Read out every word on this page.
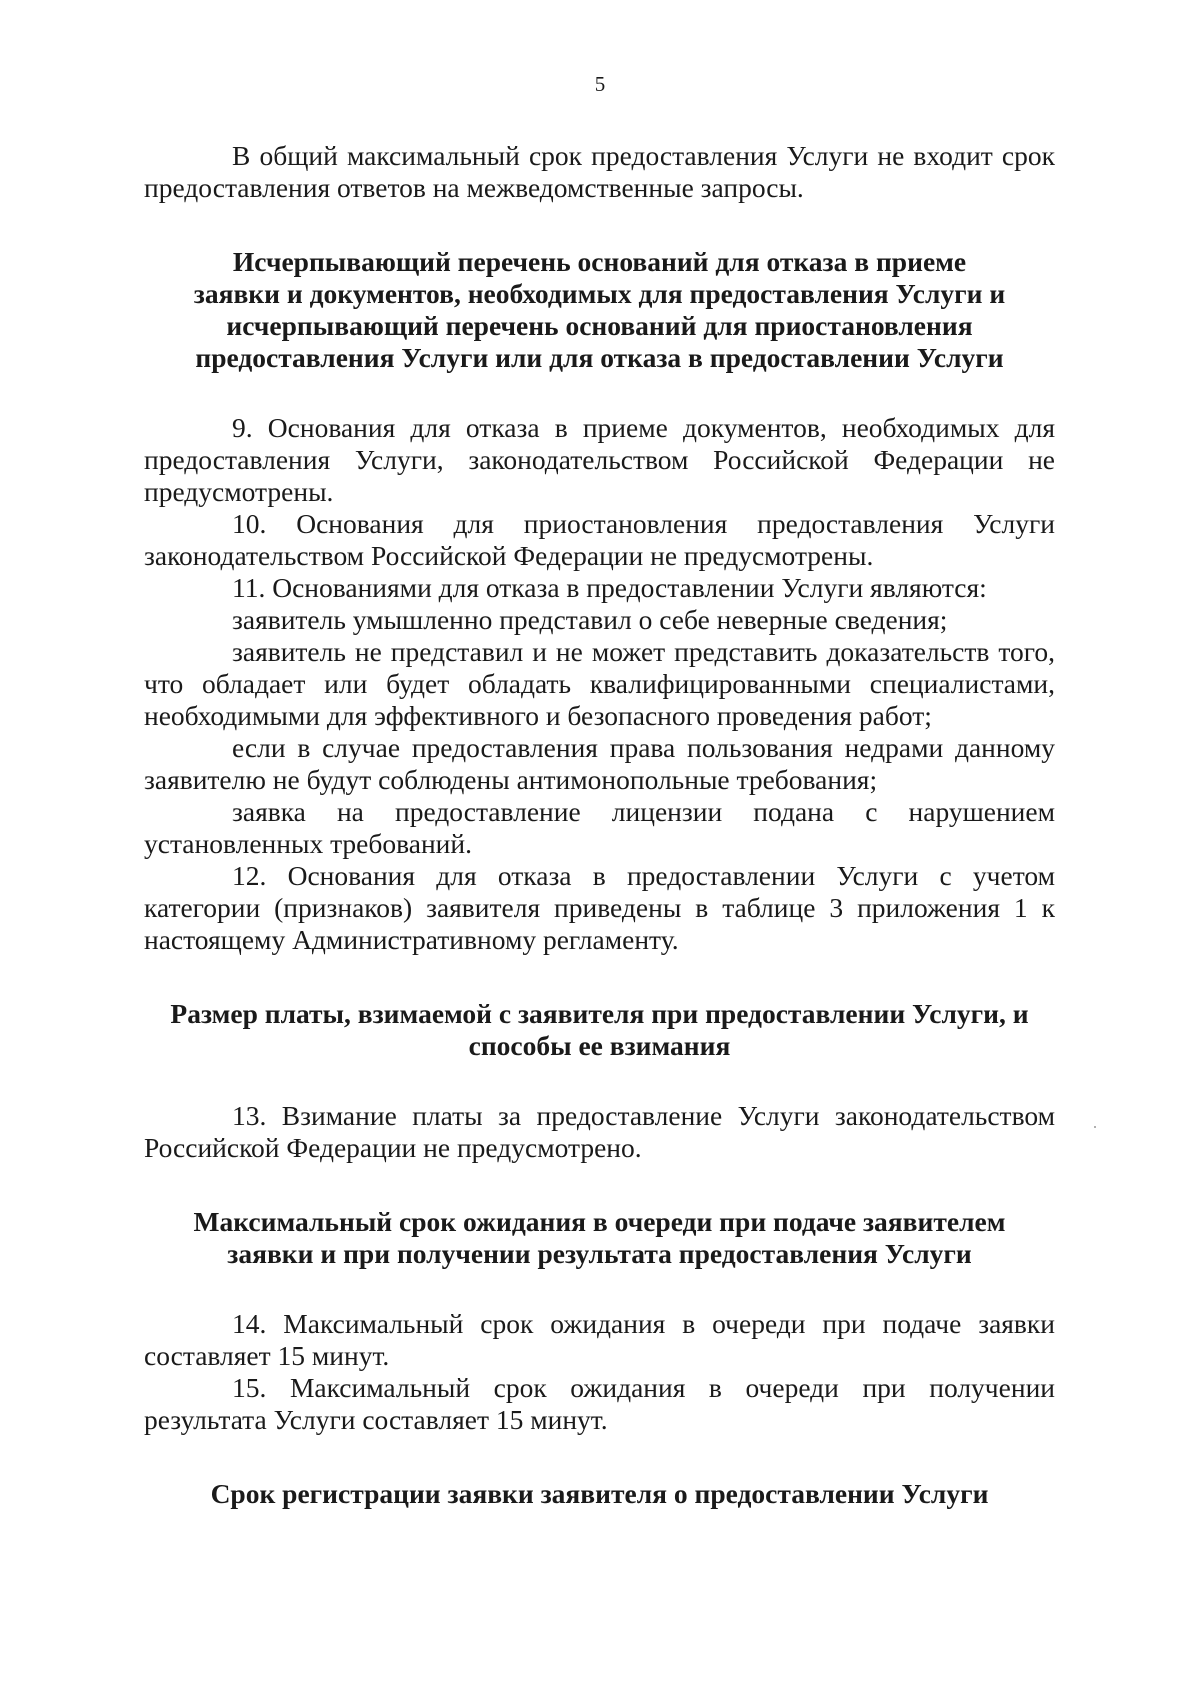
5

В общий максимальный срок предоставления Услуги не входит срок предоставления ответов на межведомственные запросы.

Исчерпывающий перечень оснований для отказа в приеме
заявки и документов, необходимых для предоставления Услуги и
исчерпывающий перечень оснований для приостановления
предоставления Услуги или для отказа в предоставлении Услуги

9. Основания для отказа в приеме документов, необходимых для предоставления Услуги, законодательством Российской Федерации не предусмотрены.

10. Основания для приостановления предоставления Услуги законодательством Российской Федерации не предусмотрены.

11. Основаниями для отказа в предоставлении Услуги являются:

заявитель умышленно представил о себе неверные сведения;

заявитель не представил и не может представить доказательств того, что обладает или будет обладать квалифицированными специалистами, необходимыми для эффективного и безопасного проведения работ;

если в случае предоставления права пользования недрами данному заявителю не будут соблюдены антимонопольные требования;

заявка на предоставление лицензии подана с нарушением установленных требований.

12. Основания для отказа в предоставлении Услуги с учетом категории (признаков) заявителя приведены в таблице 3 приложения 1 к настоящему Административному регламенту.

Размер платы, взимаемой с заявителя при предоставлении Услуги, и
способы ее взимания

13. Взимание платы за предоставление Услуги законодательством Российской Федерации не предусмотрено.

Максимальный срок ожидания в очереди при подаче заявителем
заявки и при получении результата предоставления Услуги

14. Максимальный срок ожидания в очереди при подаче заявки составляет 15 минут.

15. Максимальный срок ожидания в очереди при получении результата Услуги составляет 15 минут.

Срок регистрации заявки заявителя о предоставлении Услуги
